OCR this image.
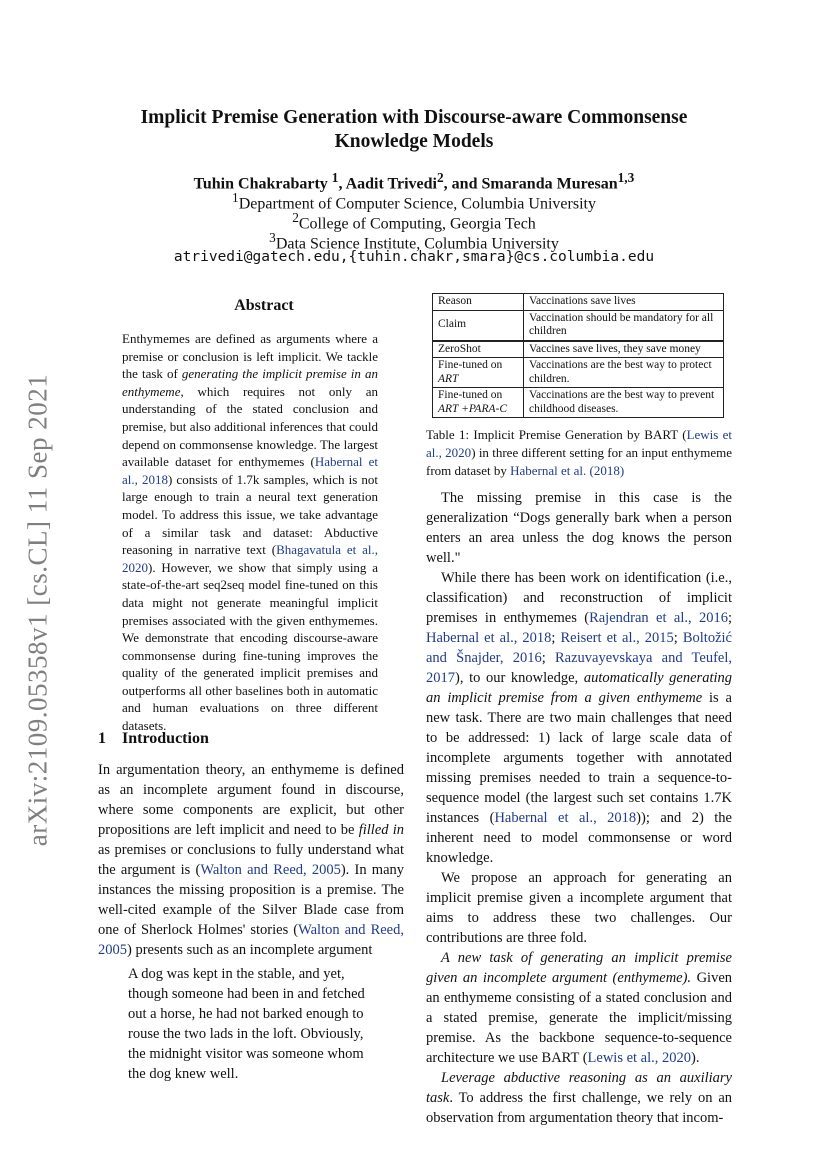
arXiv:2109.05358v1 [cs.CL] 11 Sep 2021
Implicit Premise Generation with Discourse-aware Commonsense
Knowledge Models
Tuhin Chakrabarty $^1$, Aadit Trivedi$^2$, and Smaranda Muresan$^{1,3}$
$^1$Department of Computer Science, Columbia University
$^2$College of Computing, Georgia Tech
$^3$Data Science Institute, Columbia University
atrivedi@gatech.edu,{tuhin.chakr,smara}@cs.columbia.edu
Abstract
Enthymemes are defined as arguments where a premise or conclusion is left implicit. We tackle the task of generating the implicit premise in an enthymeme, which requires not only an understanding of the stated conclusion and premise, but also additional inferences that could depend on commonsense knowledge. The largest available dataset for enthymemes (Habernal et al., 2018) consists of 1.7k samples, which is not large enough to train a neural text generation model. To address this issue, we take advantage of a similar task and dataset: Abductive reasoning in narrative text (Bhagavatula et al., 2020). However, we show that simply using a state-of-the-art seq2seq model fine-tuned on this data might not generate meaningful implicit premises associated with the given enthymemes. We demonstrate that encoding discourse-aware commonsense during fine-tuning improves the quality of the generated implicit premises and outperforms all other baselines both in automatic and human evaluations on three different datasets.
1 Introduction

In argumentation theory, an enthymeme is defined as an incomplete argument found in discourse, where some components are explicit, but other propositions are left implicit and need to be filled in as premises or conclusions to fully understand what the argument is (Walton and Reed, 2005). In many instances the missing proposition is a premise. The well-cited example of the Silver Blade case from one of Sherlock Holmes' stories (Walton and Reed, 2005) presents such as an incomplete argument

A dog was kept in the stable, and yet, though someone had been in and fetched out a horse, he had not barked enough to rouse the two lads in the loft. Obviously, the midnight visitor was someone whom the dog knew well.
Reason	Vaccinations save lives
Claim	Vaccination should be mandatory for all children
ZeroShot	Vaccines save lives, they save money
Fine-tuned on
ART	Vaccinations are the best way to protect children.
Fine-tuned on
ART +PARA-C	Vaccinations are the best way to prevent childhood diseases.
Table 1: Implicit Premise Generation by BART (Lewis et al., 2020) in three different setting for an input enthymeme from dataset by Habernal et al. (2018)

The missing premise in this case is the generalization “Dogs generally bark when a person enters an area unless the dog knows the person well."

While there has been work on identification (i.e., classification) and reconstruction of implicit premises in enthymemes (Rajendran et al., 2016; Habernal et al., 2018; Reisert et al., 2015; Boltožić and Šnajder, 2016; Razuvayevskaya and Teufel, 2017), to our knowledge, automatically generating an implicit premise from a given enthymeme is a new task. There are two main challenges that need to be addressed: 1) lack of large scale data of incomplete arguments together with annotated missing premises needed to train a sequence-to-sequence model (the largest such set contains 1.7K instances (Habernal et al., 2018)); and 2) the inherent need to model commonsense or word knowledge.

We propose an approach for generating an implicit premise given a incomplete argument that aims to address these two challenges. Our contributions are three fold.

A new task of generating an implicit premise given an incomplete argument (enthymeme). Given an enthymeme consisting of a stated conclusion and a stated premise, generate the implicit/missing premise. As the backbone sequence-to-sequence architecture we use BART (Lewis et al., 2020).

Leverage abductive reasoning as an auxiliary task. To address the first challenge, we rely on an observation from argumentation theory that incom-
